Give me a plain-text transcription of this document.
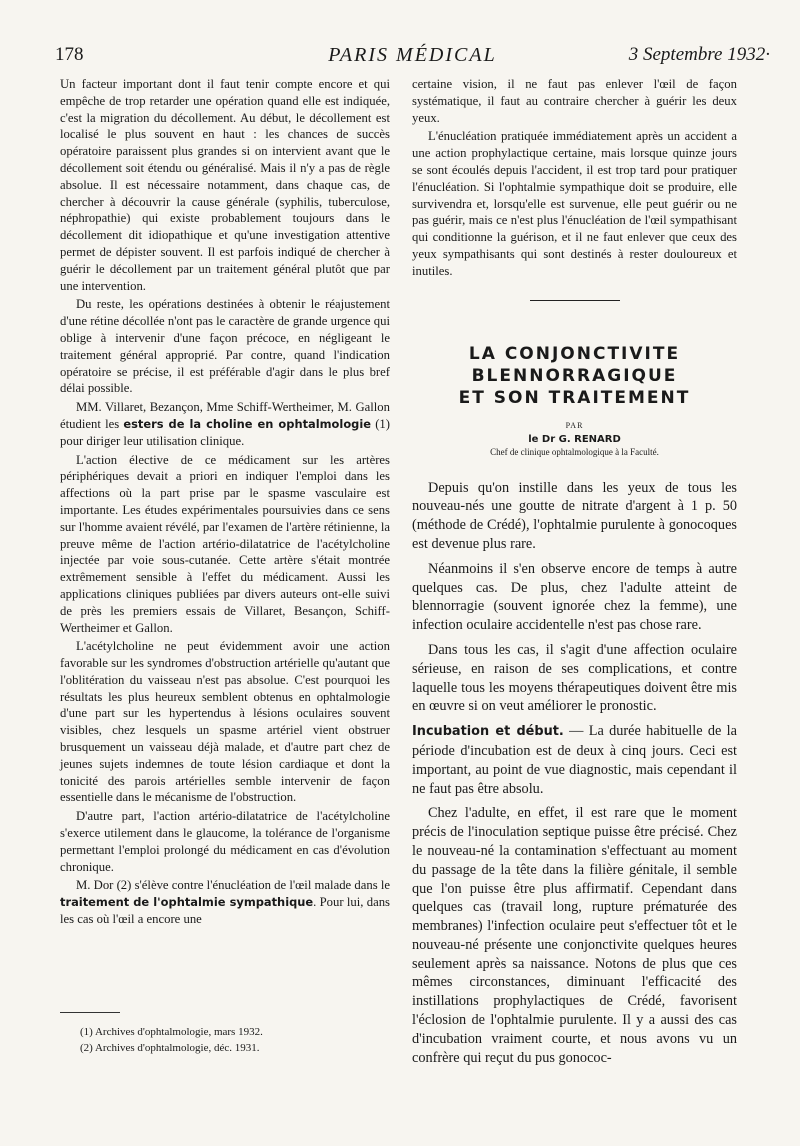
178	PARIS MÉDICAL	3 Septembre 1932·

Un facteur important dont il faut tenir compte encore et qui empêche de trop retarder une opération quand elle est indiquée, c'est la migration du décollement. Au début, le décollement est localisé le plus souvent en haut : les chances de succès opératoire paraissent plus grandes si on intervient avant que le décollement soit étendu ou généralisé. Mais il n'y a pas de règle absolue. Il est nécessaire notamment, dans chaque cas, de chercher à découvrir la cause générale (syphilis, tuberculose, néphropathie) qui existe probablement toujours dans le décollement dit idiopathique et qu'une investigation attentive permet de dépister souvent. Il est parfois indiqué de chercher à guérir le décollement par un traitement général plutôt que par une intervention.

Du reste, les opérations destinées à obtenir le réajustement d'une rétine décollée n'ont pas le caractère de grande urgence qui oblige à intervenir d'une façon précoce, en négligeant le traitement général approprié. Par contre, quand l'indication opératoire se précise, il est préférable d'agir dans le plus bref délai possible.

MM. Villaret, Bezançon, Mme Schiff-Wertheimer, M. Gallon étudient les esters de la choline en ophtalmologie (1) pour diriger leur utilisation clinique.

L'action élective de ce médicament sur les artères périphériques devait a priori en indiquer l'emploi dans les affections où la part prise par le spasme vasculaire est importante. Les études expérimentales poursuivies dans ce sens sur l'homme avaient révélé, par l'examen de l'artère rétinienne, la preuve même de l'action artério-dilatatrice de l'acétylcholine injectée par voie sous-cutanée. Cette artère s'était montrée extrêmement sensible à l'effet du médicament. Aussi les applications cliniques publiées par divers auteurs ont-elle suivi de près les premiers essais de Villaret, Besançon, Schiff-Wertheimer et Gallon.

L'acétylcholine ne peut évidemment avoir une action favorable sur les syndromes d'obstruction artérielle qu'autant que l'oblitération du vaisseau n'est pas absolue. C'est pourquoi les résultats les plus heureux semblent obtenus en ophtalmologie d'une part sur les hypertendus à lésions oculaires souvent visibles, chez lesquels un spasme artériel vient obstruer brusquement un vaisseau déjà malade, et d'autre part chez de jeunes sujets indemnes de toute lésion cardiaque et dont la tonicité des parois artérielles semble intervenir de façon essentielle dans le mécanisme de l'obstruction.

D'autre part, l'action artério-dilatatrice de l'acétylcholine s'exerce utilement dans le glaucome, la tolérance de l'organisme permettant l'emploi prolongé du médicament en cas d'évolution chronique.

M. Dor (2) s'élève contre l'énucléation de l'œil malade dans le traitement de l'ophtalmie sympathique. Pour lui, dans les cas où l'œil a encore une

(1) Archives d'ophtalmologie, mars 1932.
(2) Archives d'ophtalmologie, déc. 1931.

certaine vision, il ne faut pas enlever l'œil de façon systématique, il faut au contraire chercher à guérir les deux yeux.

L'énucléation pratiquée immédiatement après un accident a une action prophylactique certaine, mais lorsque quinze jours se sont écoulés depuis l'accident, il est trop tard pour pratiquer l'énucléation. Si l'ophtalmie sympathique doit se produire, elle survivendra et, lorsqu'elle est survenue, elle peut guérir ou ne pas guérir, mais ce n'est plus l'énucléation de l'œil sympathisant qui conditionne la guérison, et il ne faut enlever que ceux des yeux sympathisants qui sont destinés à rester douloureux et inutiles.

LA CONJONCTIVITE
BLENNORRAGIQUE
ET SON TRAITEMENT
PAR
le Dr G. RENARD
Chef de clinique ophtalmologique à la Faculté.

Depuis qu'on instille dans les yeux de tous les nouveau-nés une goutte de nitrate d'argent à 1 p. 50 (méthode de Crédé), l'ophtalmie purulente à gonocoques est devenue plus rare.

Néanmoins il s'en observe encore de temps à autre quelques cas. De plus, chez l'adulte atteint de blennorragie (souvent ignorée chez la femme), une infection oculaire accidentelle n'est pas chose rare.

Dans tous les cas, il s'agit d'une affection oculaire sérieuse, en raison de ses complications, et contre laquelle tous les moyens thérapeutiques doivent être mis en œuvre si on veut améliorer le pronostic.

Incubation et début. — La durée habituelle de la période d'incubation est de deux à cinq jours. Ceci est important, au point de vue diagnostic, mais cependant il ne faut pas être absolu.

Chez l'adulte, en effet, il est rare que le moment précis de l'inoculation septique puisse être précisé. Chez le nouveau-né la contamination s'effectuant au moment du passage de la tête dans la filière génitale, il semble que l'on puisse être plus affirmatif. Cependant dans quelques cas (travail long, rupture prématurée des membranes) l'infection oculaire peut s'effectuer tôt et le nouveau-né présente une conjonctivite quelques heures seulement après sa naissance. Notons de plus que ces mêmes circonstances, diminuant l'efficacité des instillations prophylactiques de Crédé, favorisent l'éclosion de l'ophtalmie purulente. Il y a aussi des cas d'incubation vraiment courte, et nous avons vu un confrère qui reçut du pus gonococ-
